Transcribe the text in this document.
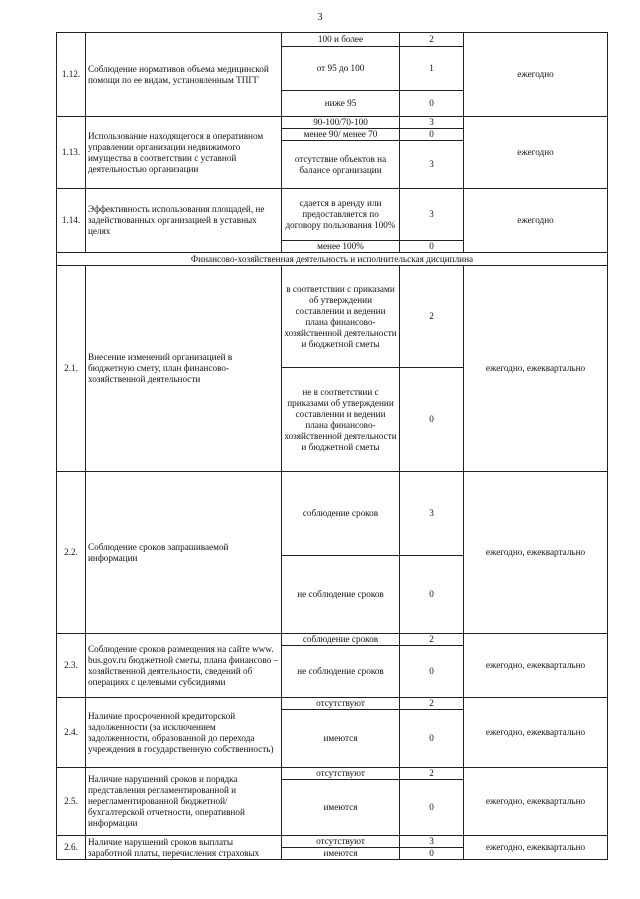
3
1.12.	Соблюдение нормативов объема медицинской помощи по ее видам, установленным ТПГГ	100 и более	2	ежегодно
		от 95 до 100	1	
		ниже 95	0	
1.13.	Использование находящегося в оперативном управлении организации недвижимого имущества в соответствии с уставной деятельностью организации	90-100/70-100	3	ежегодно
		менее 90/ менее 70	0	
		отсутствие объектов на балансе организации	3	
1.14.	Эффективность использования площадей, не задействованных организацией в уставных целях	сдается в аренду или предоставляется по договору пользования 100%	3	ежегодно
		менее 100%	0	
Финансово-хозяйственная деятельность и исполнительская дисциплина				
2.1.	Внесение изменений организацией в бюджетную смету, план финансово-хозяйственной деятельности	в соответствии с приказами об утверждении составлении и ведении плана финансово-хозяйственной деятельности и бюджетной сметы	2	ежегодно, ежеквартально
		не в соответствии с приказами об утверждении составлении и ведении плана финансово-хозяйственной деятельности и бюджетной сметы	0	
2.2.	Соблюдение сроков запрашиваемой информации	соблюдение сроков	3	ежегодно, ежеквартально
		не соблюдение сроков	0	
2.3.	Соблюдение сроков размещения на сайте www. bus.gov.ru бюджетной сметы, плана финансово – хозяйственной деятельности, сведений об операциях с целевыми субсидиями	соблюдение сроков	2	ежегодно, ежеквартально
		не соблюдение сроков	0	
2.4.	Наличие просроченной кредиторской задолженности (за исключением задолженности, образованной до перехода учреждения в государственную собственность)	отсутствуют	2	ежегодно, ежеквартально
		имеются	0	
2.5.	Наличие нарушений сроков и порядка представления регламентированной и нерегламентированной бюджетной/бухгалтерской отчетности, оперативной информации	отсутствуют	2	ежегодно, ежеквартально
		имеются	0	
2.6.	Наличие нарушений сроков выплаты заработной платы, перечисления страховых	отсутствуют	3	ежегодно, ежеквартально
		имеются	0	
